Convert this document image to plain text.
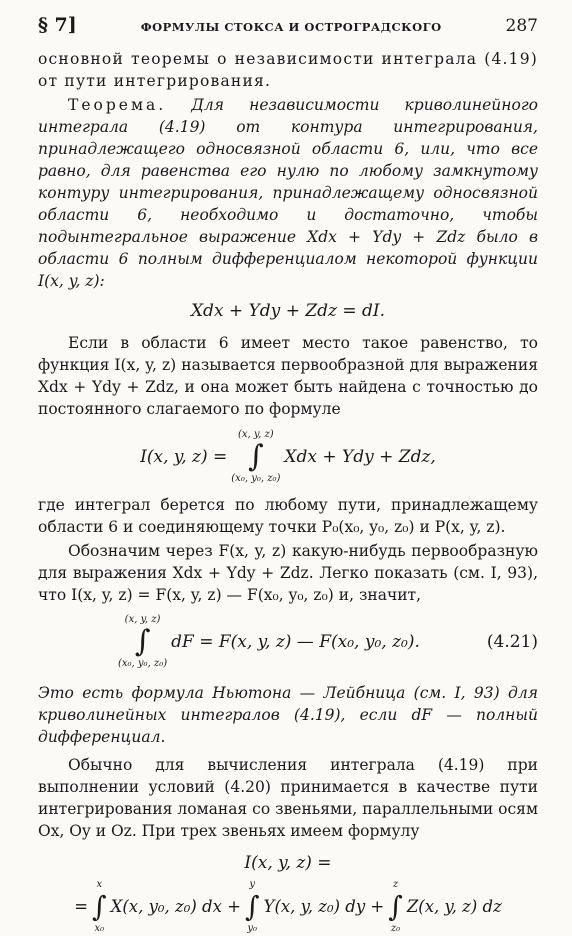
§ 7]	ФОРМУЛЫ СТОКСА И ОСТРОГРАДСКОГО	287

основной теоремы о независимости интеграла (4.19) от пути интегрирования.

Теорема. Для независимости криволинейного интеграла (4.19) от контура интегрирования, принадлежащего односвязной области 6, или, что все равно, для равенства его нулю по любому замкнутому контуру интегрирования, принадлежащему односвязной области 6, необходимо и достаточно, чтобы подынтегральное выражение Xdx + Ydy + Zdz было в области 6 полным дифференциалом некоторой функции I(x, y, z):

Xdx + Ydy + Zdz = dI.

Если в области 6 имеет место такое равенство, то функция I(x, y, z) называется первообразной для выражения Xdx + Ydy + Zdz, и она может быть найдена с точностью до постоянного слагаемого по формуле

I(x, y, z) =
(x, y, z)
∫
(x₀, y₀, z₀)
Xdx + Ydy + Zdz,

где интеграл берется по любому пути, принадлежащему области 6 и соединяющему точки P₀(x₀, y₀, z₀) и P(x, y, z).

Обозначим через F(x, y, z) какую-нибудь первообразную для выражения Xdx + Ydy + Zdz. Легко показать (см. I, 93), что I(x, y, z) = F(x, y, z) — F(x₀, y₀, z₀) и, значит,

(x, y, z)
∫
(x₀, y₀, z₀)
dF = F(x, y, z) — F(x₀, y₀, z₀).	(4.21)

Это есть формула Ньютона — Лейбница (см. I, 93) для криволинейных интегралов (4.19), если dF — полный дифференциал.

Обычно для вычисления интеграла (4.19) при выполнении условий (4.20) принимается в качестве пути интегрирования ломаная со звеньями, параллельными осям Ox, Oy и Oz. При трех звеньях имеем формулу

I(x, y, z) =
=
x
∫
x₀
X(x, y₀, z₀) dx +
y
∫
y₀
Y(x, y, z₀) dy +
z
∫
z₀
Z(x, y, z) dz
